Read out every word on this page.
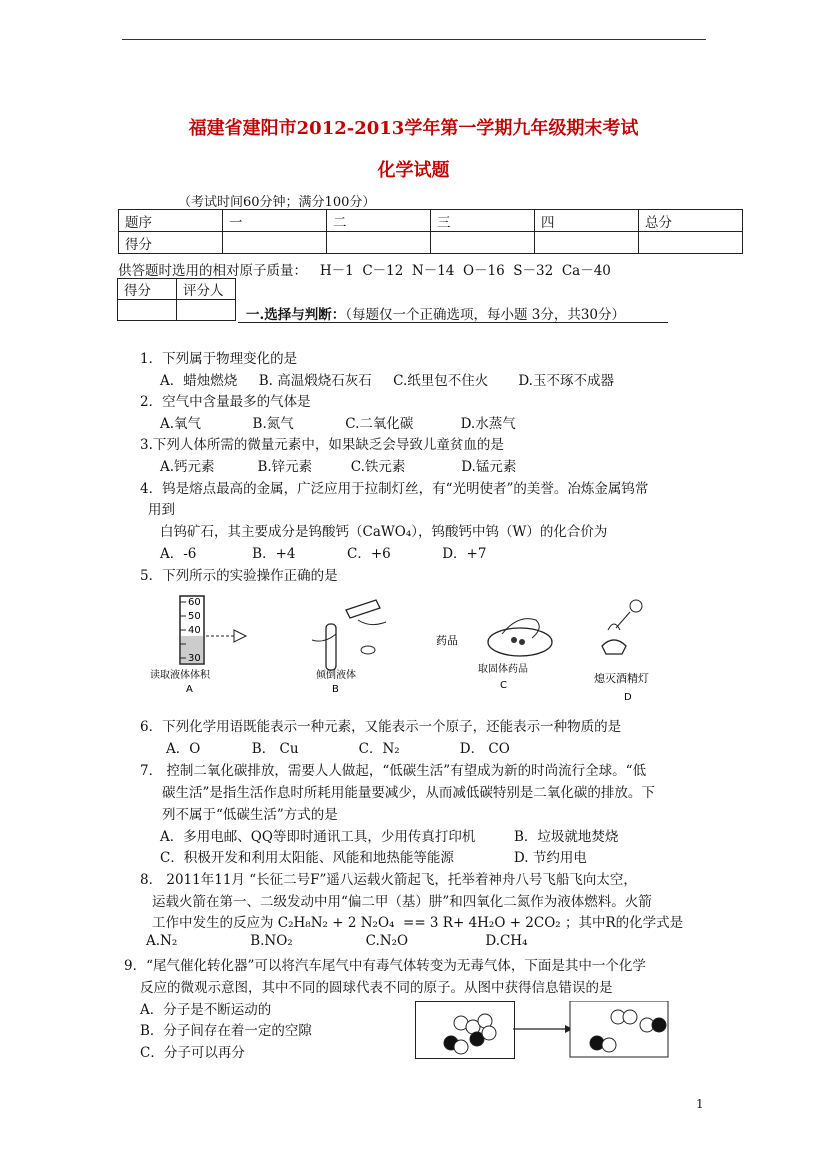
福建省建阳市2012-2013学年第一学期九年级期末考试
化学试题
（考试时间60分钟；满分100分）
题序	一	二	三	四	总分
得分					
供答题时选用的相对原子质量：   H－1  C－12  N－14  O－16  S－32  Ca－40
得分	评分人

一.选择与判断：（每题仅一个正确选项，每小题 3分，共30分）
1．下列属于物理变化的是
A．蜡烛燃烧     B. 高温煅烧石灰石     C.纸里包不住火       D.玉不琢不成器
2．空气中含量最多的气体是
A.氧气            B.氮气            C.二氧化碳           D.水蒸气
3.下列人体所需的微量元素中，如果缺乏会导致儿童贫血的是
A.钙元素          B.锌元素         C.铁元素             D.锰元素
4．钨是熔点最高的金属，广泛应用于拉制灯丝，有“光明使者”的美誉。冶炼金属钨常
用到
白钨矿石，其主要成分是钨酸钙（CaWO₄），钨酸钙中钨（W）的化合价为
A．-6             B．+4            C．+6            D．+7
5．下列所示的实验操作正确的是
60
50
40
30
读取液体体积
A
倾倒液体
B
药品
取固体药品
C
熄灭酒精灯
D
6．下列化学用语既能表示一种元素，又能表示一个原子，还能表示一种物质的是
A．O            B． Cu              C．N₂              D． CO
7． 控制二氧化碳排放，需要人人做起，“低碳生活”有望成为新的时尚流行全球。“低
碳生活”是指生活作息时所耗用能量要减少，从而减低碳特别是二氧化碳的排放。下
列不属于“低碳生活”方式的是
A．多用电邮、QQ等即时通讯工具，少用传真打印机         B．垃圾就地焚烧
C．积极开发和利用太阳能、风能和地热能等能源              D. 节约用电
8． 2011年11月 “长征二号F”遥八运载火箭起飞，托举着神舟八号飞船飞向太空，
运载火箭在第一、二级发动中用“偏二甲（基）肼”和四氧化二氮作为液体燃料。火箭
工作中发生的反应为 C₂H₈N₂ + 2 N₂O₄  == 3 R+ 4H₂O + 2CO₂ ；其中R的化学式是
A.N₂                 B.NO₂                 C.N₂O                  D.CH₄
9．“尾气催化转化器”可以将汽车尾气中有毒气体转变为无毒气体，下面是其中一个化学
反应的微观示意图，其中不同的圆球代表不同的原子。从图中获得信息错误的是
A．分子是不断运动的
B．分子间存在着一定的空隙
C．分子可以再分
1
